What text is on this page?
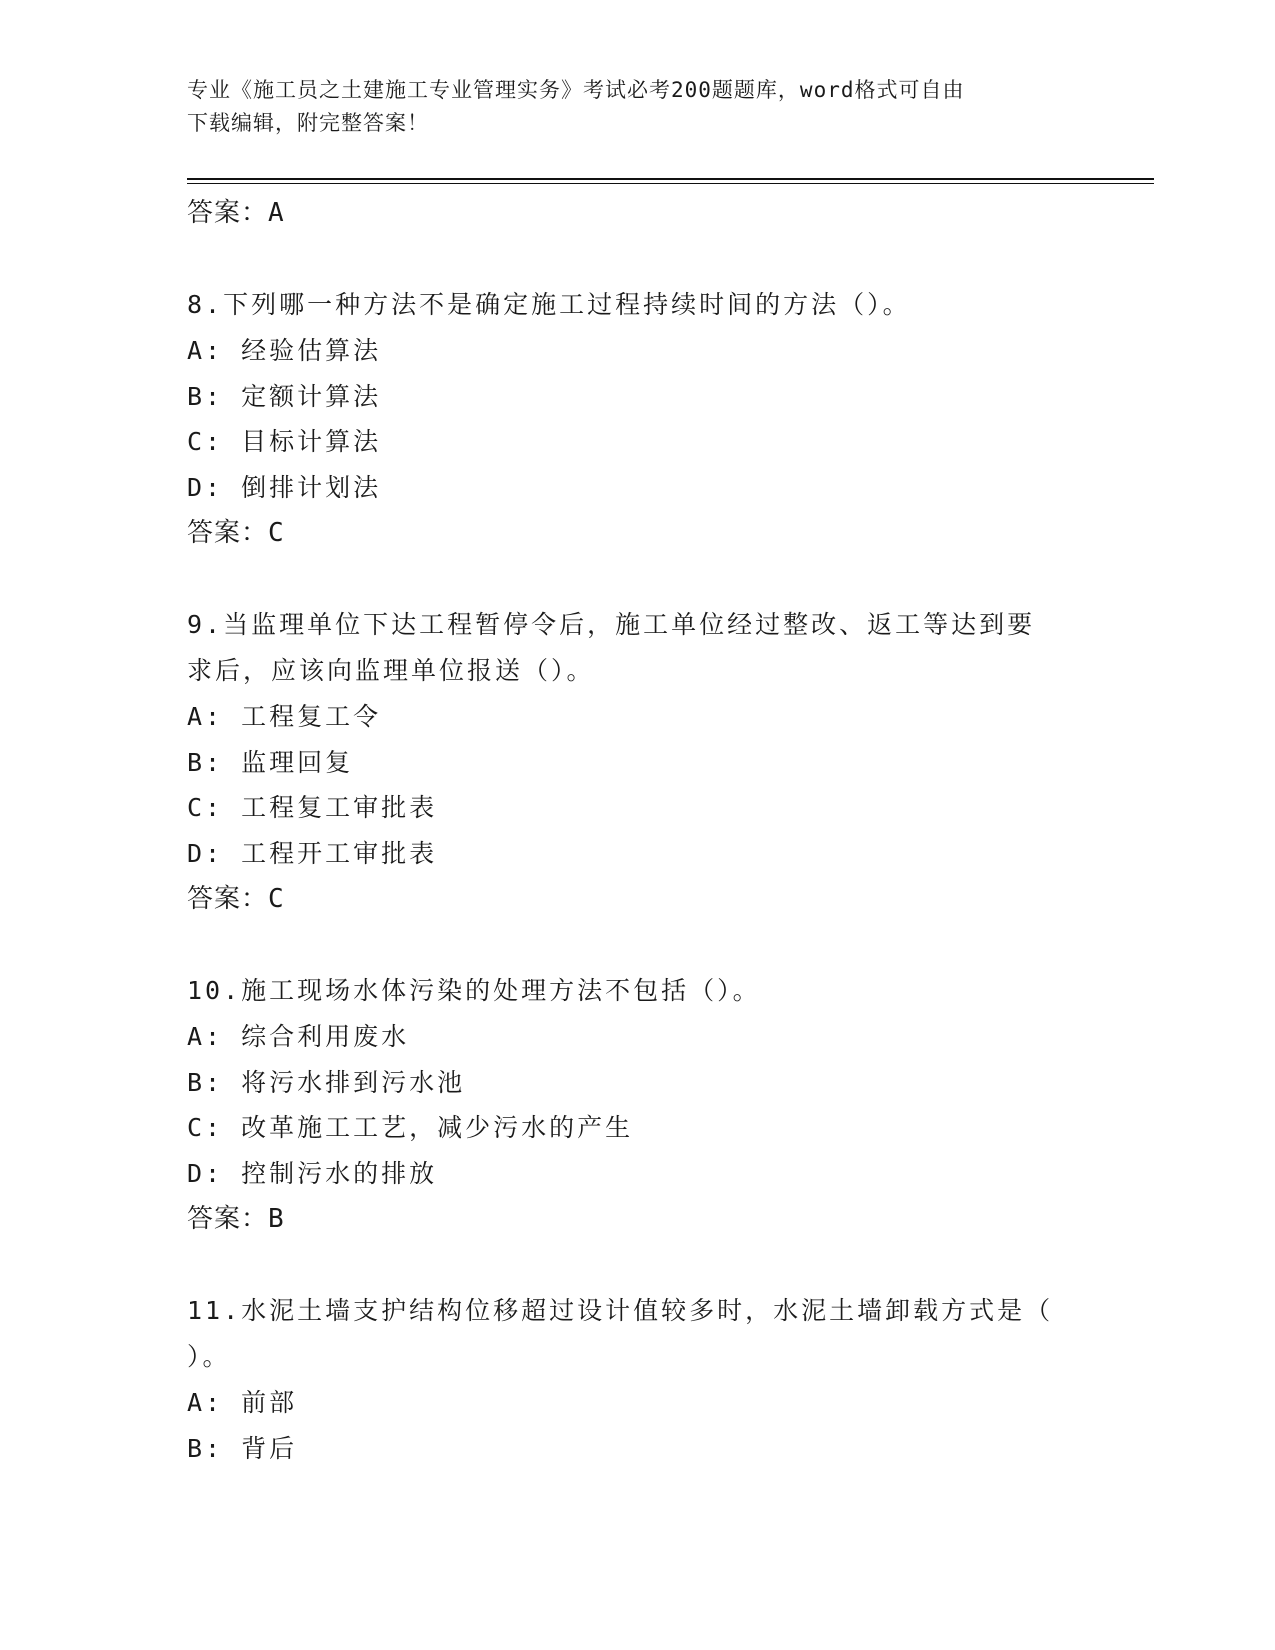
专业《施工员之土建施工专业管理实务》考试必考200题题库，word格式可自由
下载编辑，附完整答案！
答案：A
8.下列哪一种方法不是确定施工过程持续时间的方法（）。
A: 经验估算法
B: 定额计算法
C: 目标计算法
D: 倒排计划法
答案：C
9.当监理单位下达工程暂停令后，施工单位经过整改、返工等达到要
求后，应该向监理单位报送（）。
A: 工程复工令
B: 监理回复
C: 工程复工审批表
D: 工程开工审批表
答案：C
10.施工现场水体污染的处理方法不包括（）。
A: 综合利用废水
B: 将污水排到污水池
C: 改革施工工艺，减少污水的产生
D: 控制污水的排放
答案：B
11.水泥土墙支护结构位移超过设计值较多时，水泥土墙卸载方式是（
）。
A: 前部
B: 背后
